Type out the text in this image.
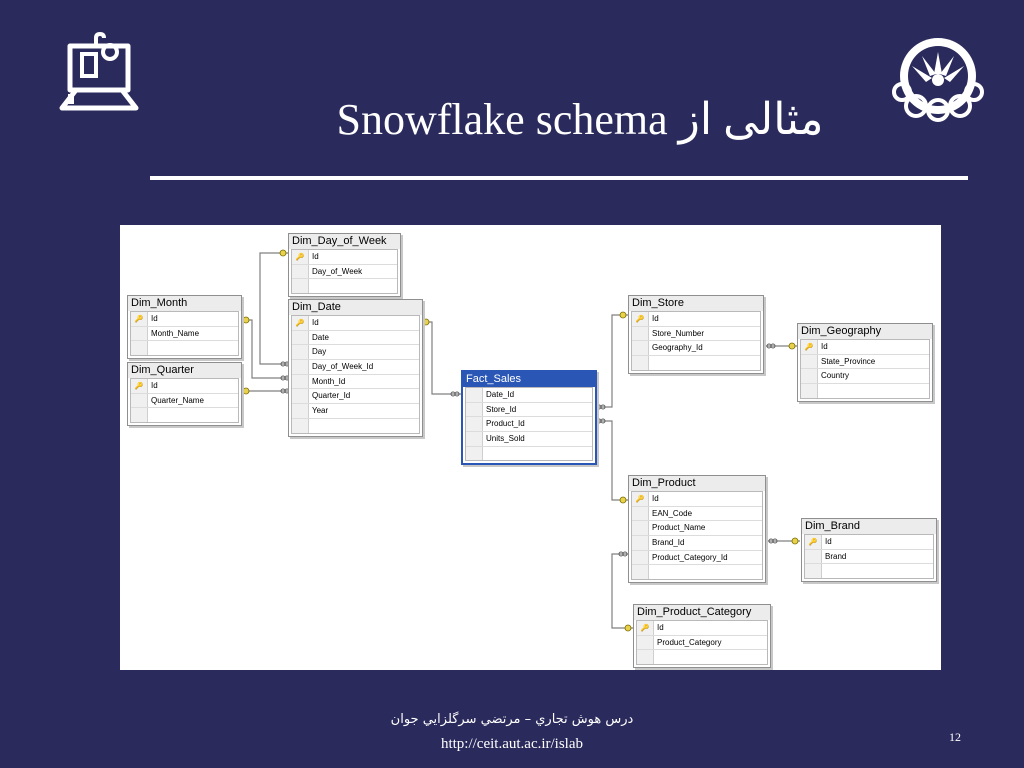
Snowflake schema مثالی از
Dim_Day_of_Week
🔑
Id
Day_of_Week
Dim_Month
🔑
Id
Month_Name
Dim_Quarter
🔑
Id
Quarter_Name
Dim_Date
🔑
Id
Date
Day
Day_of_Week_Id
Month_Id
Quarter_Id
Year
Fact_Sales
Date_Id
Store_Id
Product_Id
Units_Sold
Dim_Store
🔑
Id
Store_Number
Geography_Id
Dim_Geography
🔑
Id
State_Province
Country
Dim_Product
🔑
Id
EAN_Code
Product_Name
Brand_Id
Product_Category_Id
Dim_Brand
🔑
Id
Brand
Dim_Product_Category
🔑
Id
Product_Category
درس هوش تجاري – مرتضي سرگلزايي جوان
http://ceit.aut.ac.ir/islab	12
